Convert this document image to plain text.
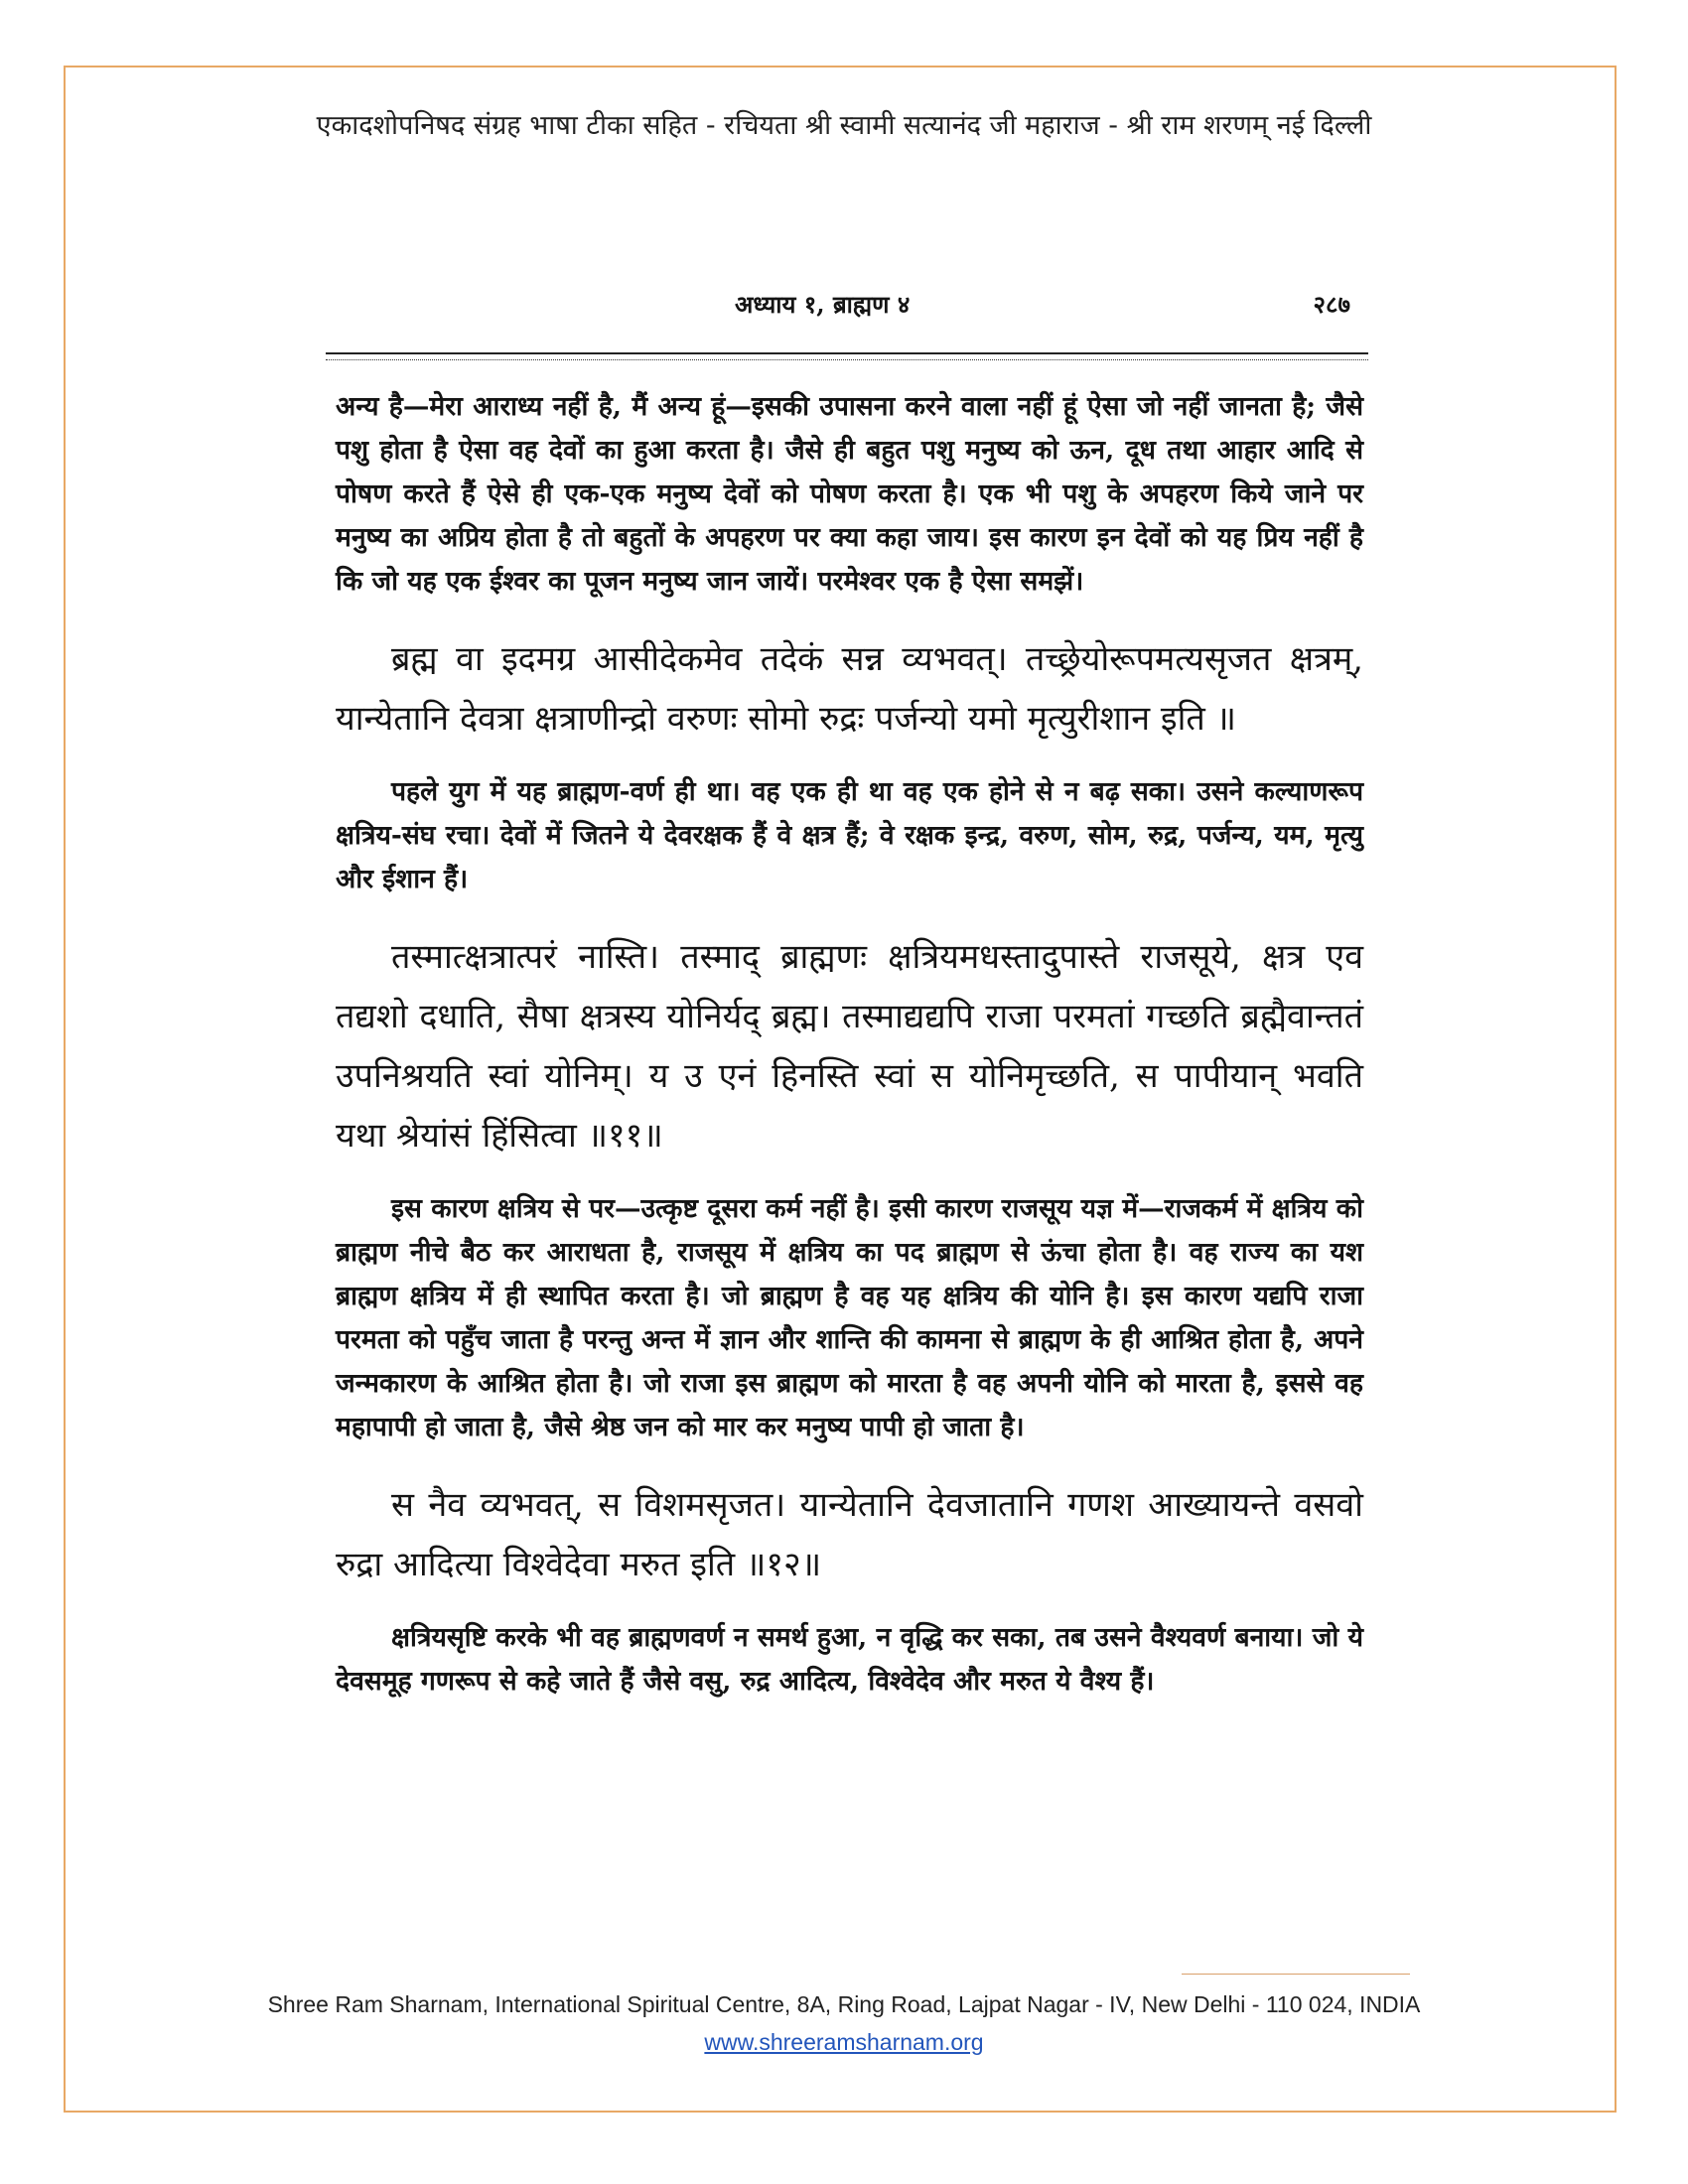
एकादशोपनिषद संग्रह भाषा टीका सहित - रचियता श्री स्वामी सत्यानंद जी महाराज - श्री राम शरणम् नई दिल्ली
अध्याय १, ब्राह्मण ४	२८७

अन्य है—मेरा आराध्य नहीं है, मैं अन्य हूं—इसकी उपासना करने वाला नहीं हूं ऐसा जो नहीं जानता है; जैसे पशु होता है ऐसा वह देवों का हुआ करता है। जैसे ही बहुत पशु मनुष्य को ऊन, दूध तथा आहार आदि से पोषण करते हैं ऐसे ही एक-एक मनुष्य देवों को पोषण करता है। एक भी पशु के अपहरण किये जाने पर मनुष्य का अप्रिय होता है तो बहुतों के अपहरण पर क्या कहा जाय। इस कारण इन देवों को यह प्रिय नहीं है कि जो यह एक ईश्वर का पूजन मनुष्य जान जायें। परमेश्वर एक है ऐसा समझें।

ब्रह्म वा इदमग्र आसीदेकमेव तदेकं सन्न व्यभवत्। तच्छ्रेयोरूपमत्यसृजत क्षत्रम्, यान्येतानि देवत्रा क्षत्राणीन्द्रो वरुणः सोमो रुद्रः पर्जन्यो यमो मृत्युरीशान इति ॥

पहले युग में यह ब्राह्मण-वर्ण ही था। वह एक ही था वह एक होने से न बढ़ सका। उसने कल्याणरूप क्षत्रिय-संघ रचा। देवों में जितने ये देवरक्षक हैं वे क्षत्र हैं; वे रक्षक इन्द्र, वरुण, सोम, रुद्र, पर्जन्य, यम, मृत्यु और ईशान हैं।

तस्मात्क्षत्रात्परं नास्ति। तस्माद् ब्राह्मणः क्षत्रियमधस्तादुपास्ते राजसूये, क्षत्र एव तद्यशो दधाति, सैषा क्षत्रस्य योनिर्यद् ब्रह्म। तस्माद्यद्यपि राजा परमतां गच्छति ब्रह्मैवान्ततं उपनिश्रयति स्वां योनिम्। य उ एनं हिनस्ति स्वां स योनिमृच्छति, स पापीयान् भवति यथा श्रेयांसं हिंसित्वा ॥११॥

इस कारण क्षत्रिय से पर—उत्कृष्ट दूसरा कर्म नहीं है। इसी कारण राजसूय यज्ञ में—राजकर्म में क्षत्रिय को ब्राह्मण नीचे बैठ कर आराधता है, राजसूय में क्षत्रिय का पद ब्राह्मण से ऊंचा होता है। वह राज्य का यश ब्राह्मण क्षत्रिय में ही स्थापित करता है। जो ब्राह्मण है वह यह क्षत्रिय की योनि है। इस कारण यद्यपि राजा परमता को पहुँच जाता है परन्तु अन्त में ज्ञान और शान्ति की कामना से ब्राह्मण के ही आश्रित होता है, अपने जन्मकारण के आश्रित होता है। जो राजा इस ब्राह्मण को मारता है वह अपनी योनि को मारता है, इससे वह महापापी हो जाता है, जैसे श्रेष्ठ जन को मार कर मनुष्य पापी हो जाता है।

स नैव व्यभवत्, स विशमसृजत। यान्येतानि देवजातानि गणश आख्यायन्ते वसवो रुद्रा आदित्या विश्वेदेवा मरुत इति ॥१२॥

क्षत्रियसृष्टि करके भी वह ब्राह्मणवर्ण न समर्थ हुआ, न वृद्धि कर सका, तब उसने वैश्यवर्ण बनाया। जो ये देवसमूह गणरूप से कहे जाते हैं जैसे वसु, रुद्र आदित्य, विश्वेदेव और मरुत ये वैश्य हैं।

Shree Ram Sharnam, International Spiritual Centre, 8A, Ring Road, Lajpat Nagar - IV, New Delhi - 110 024, INDIA
www.shreeramsharnam.org
